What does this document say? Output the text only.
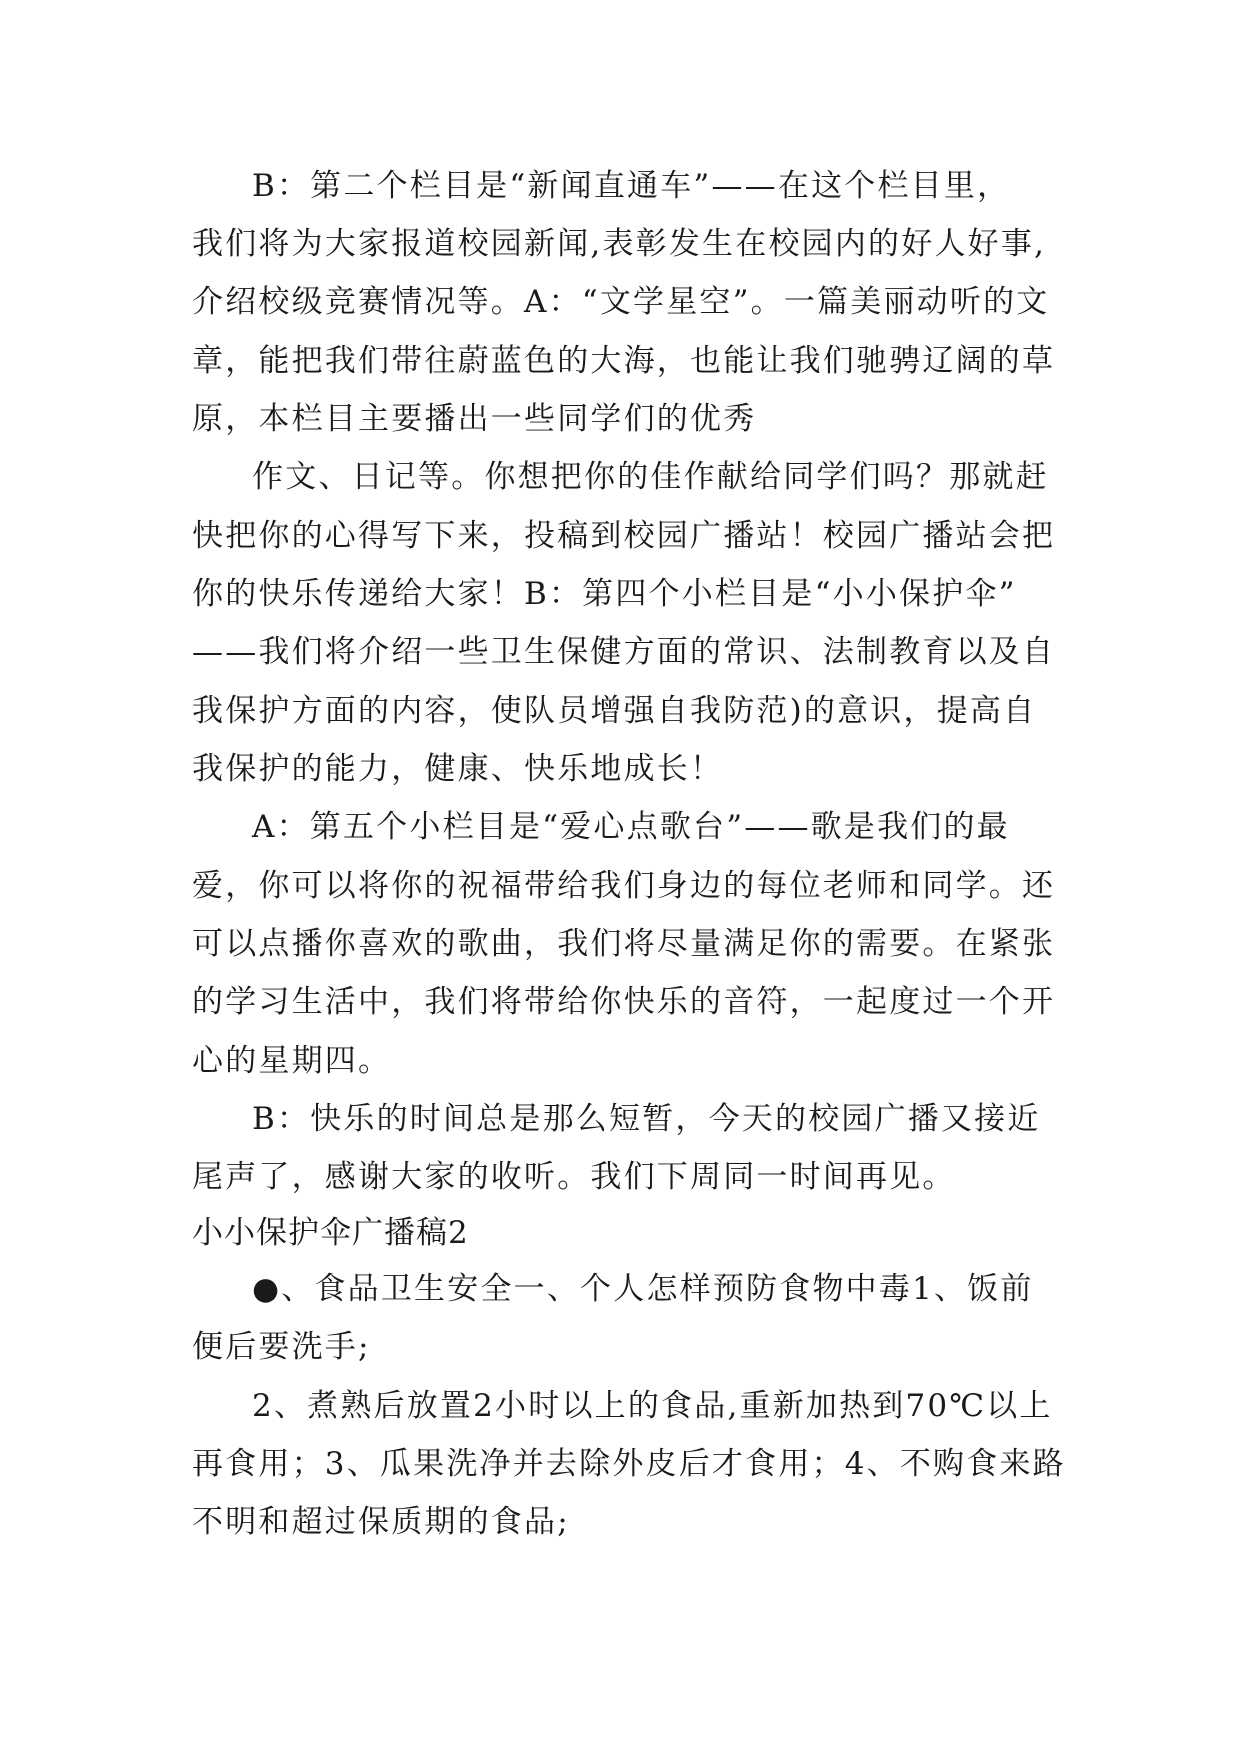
B：第二个栏目是“新闻直通车”——在这个栏目里，
我们将为大家报道校园新闻,表彰发生在校园内的好人好事,
介绍校级竞赛情况等。A：“文学星空”。一篇美丽动听的文
章，能把我们带往蔚蓝色的大海，也能让我们驰骋辽阔的草
原，本栏目主要播出一些同学们的优秀
作文、日记等。你想把你的佳作献给同学们吗？那就赶
快把你的心得写下来，投稿到校园广播站！校园广播站会把
你的快乐传递给大家！B：第四个小栏目是“小小保护伞”
——我们将介绍一些卫生保健方面的常识、法制教育以及自
我保护方面的内容，使队员增强自我防范)的意识，提高自
我保护的能力，健康、快乐地成长！
A：第五个小栏目是“爱心点歌台”——歌是我们的最
爱，你可以将你的祝福带给我们身边的每位老师和同学。还
可以点播你喜欢的歌曲，我们将尽量满足你的需要。在紧张
的学习生活中，我们将带给你快乐的音符，一起度过一个开
心的星期四。
B：快乐的时间总是那么短暂，今天的校园广播又接近
尾声了，感谢大家的收听。我们下周同一时间再见。
小小保护伞广播稿2
●、食品卫生安全一、个人怎样预防食物中毒1、饭前
便后要洗手;
2、煮熟后放置2小时以上的食品,重新加热到70℃以上
再食用；3、瓜果洗净并去除外皮后才食用；4、不购食来路
不明和超过保质期的食品;
